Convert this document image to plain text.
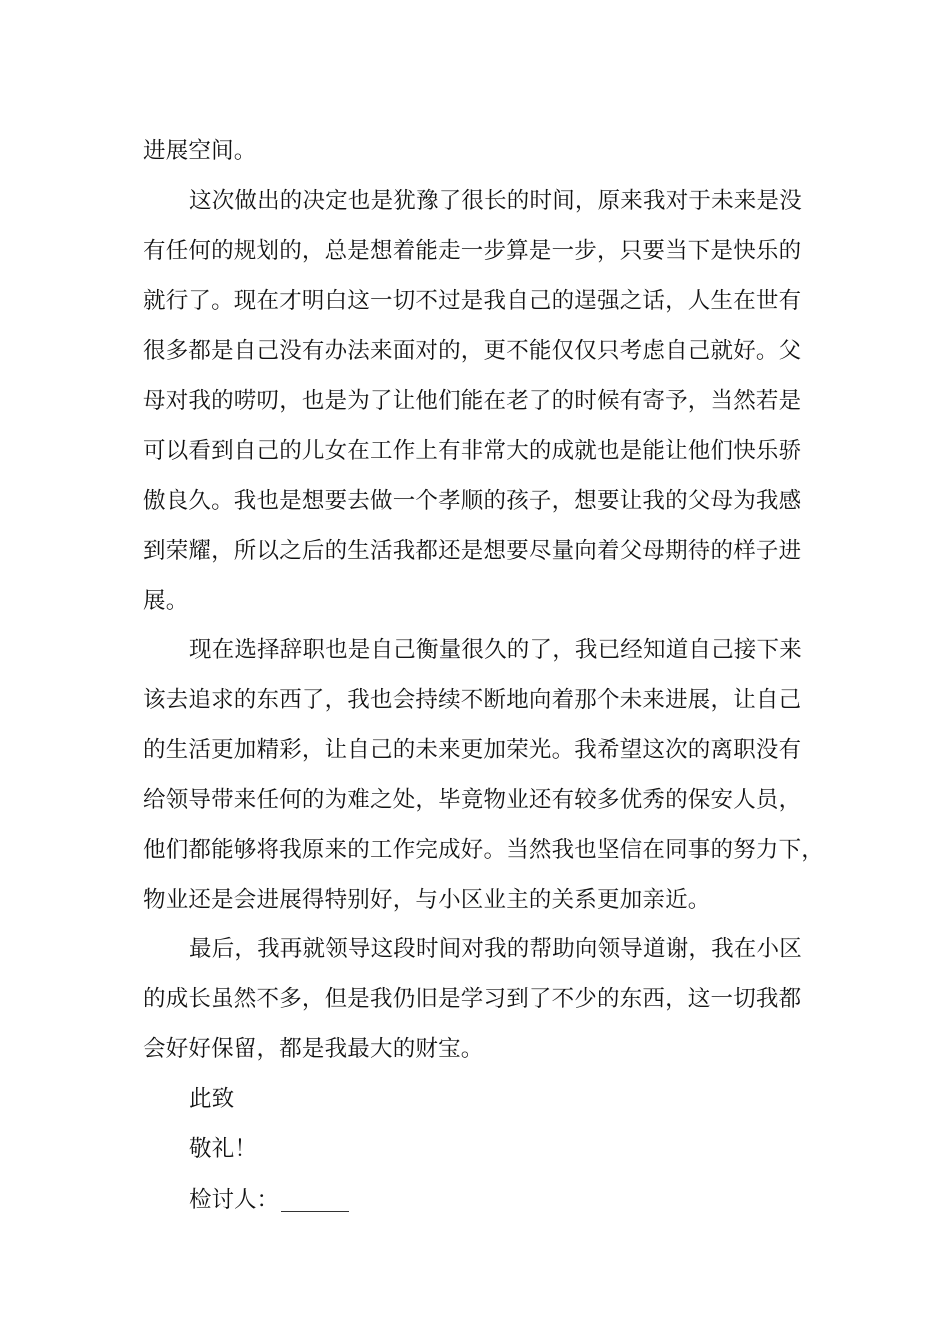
进展空间。

这次做出的决定也是犹豫了很长的时间，原来我对于未来是没

有任何的规划的，总是想着能走一步算是一步，只要当下是快乐的

就行了。现在才明白这一切不过是我自己的逞强之话，人生在世有

很多都是自己没有办法来面对的，更不能仅仅只考虑自己就好。父

母对我的唠叨，也是为了让他们能在老了的时候有寄予，当然若是

可以看到自己的儿女在工作上有非常大的成就也是能让他们快乐骄

傲良久。我也是想要去做一个孝顺的孩子，想要让我的父母为我感

到荣耀，所以之后的生活我都还是想要尽量向着父母期待的样子进

展。

现在选择辞职也是自己衡量很久的了，我已经知道自己接下来

该去追求的东西了，我也会持续不断地向着那个未来进展，让自己

的生活更加精彩，让自己的未来更加荣光。我希望这次的离职没有

给领导带来任何的为难之处，毕竟物业还有较多优秀的保安人员，

他们都能够将我原来的工作完成好。当然我也坚信在同事的努力下，

物业还是会进展得特别好，与小区业主的关系更加亲近。

最后，我再就领导这段时间对我的帮助向领导道谢，我在小区

的成长虽然不多，但是我仍旧是学习到了不少的东西，这一切我都

会好好保留，都是我最大的财宝。

此致

敬礼！

检讨人：
